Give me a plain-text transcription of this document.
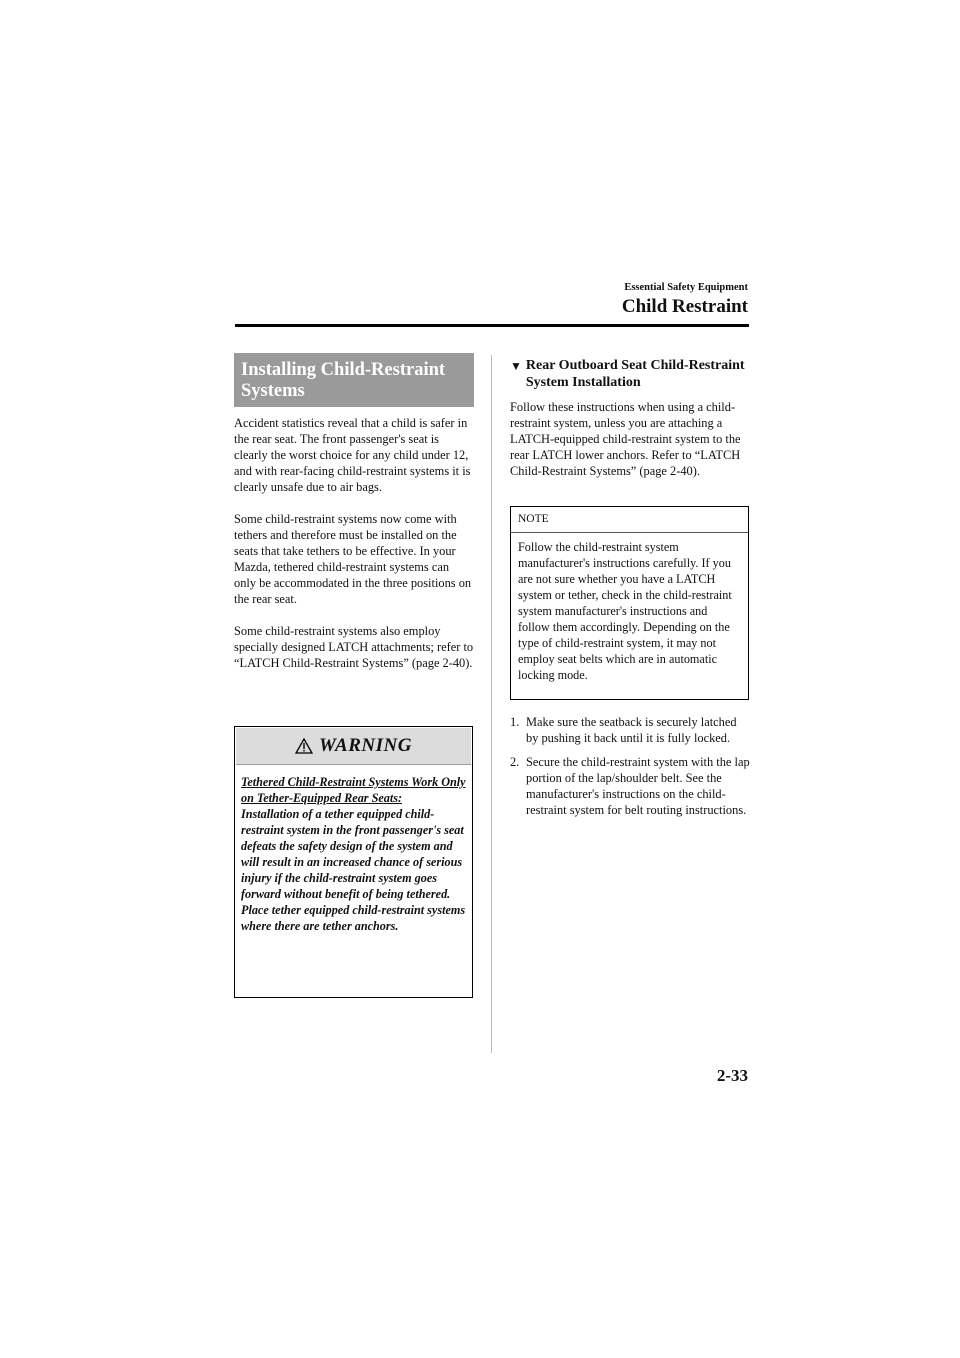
Essential Safety Equipment
Child Restraint
Installing Child-Restraint Systems

Accident statistics reveal that a child is safer in the rear seat. The front passenger's seat is clearly the worst choice for any child under 12, and with rear-facing child-restraint systems it is clearly unsafe due to air bags.

Some child-restraint systems now come with tethers and therefore must be installed on the seats that take tethers to be effective. In your Mazda, tethered child-restraint systems can only be accommodated in the three positions on the rear seat.

Some child-restraint systems also employ specially designed LATCH attachments; refer to “LATCH Child-Restraint Systems” (page 2-40).

WARNING
Tethered Child-Restraint Systems Work Only on Tether-Equipped Rear Seats:
Installation of a tether equipped child-restraint system in the front passenger's seat defeats the safety design of the system and will result in an increased chance of serious injury if the child-restraint system goes forward without benefit of being tethered.
Place tether equipped child-restraint systems where there are tether anchors.
▼ Rear Outboard Seat Child-Restraint System Installation

Follow these instructions when using a child-restraint system, unless you are attaching a LATCH-equipped child-restraint system to the rear LATCH lower anchors. Refer to “LATCH Child-Restraint Systems” (page 2-40).

NOTE
Follow the child-restraint system manufacturer's instructions carefully. If you are not sure whether you have a LATCH system or tether, check in the child-restraint system manufacturer's instructions and follow them accordingly. Depending on the type of child-restraint system, it may not employ seat belts which are in automatic locking mode.
1. Make sure the seatback is securely latched by pushing it back until it is fully locked.
2. Secure the child-restraint system with the lap portion of the lap/shoulder belt. See the manufacturer's instructions on the child-restraint system for belt routing instructions.
2-33
